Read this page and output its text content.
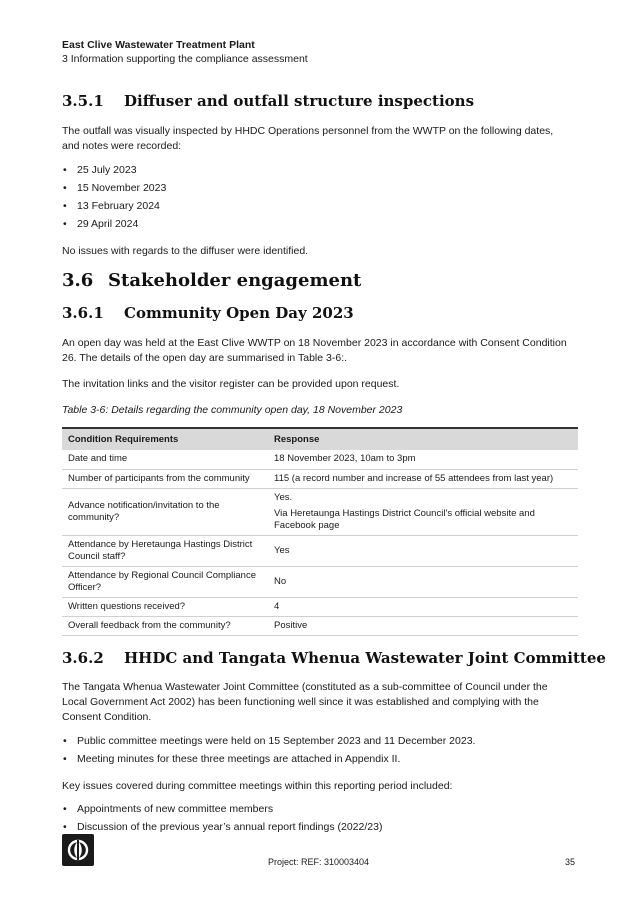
East Clive Wastewater Treatment Plant
3 Information supporting the compliance assessment
3.5.1 Diffuser and outfall structure inspections
The outfall was visually inspected by HHDC Operations personnel from the WWTP on the following dates, and notes were recorded:
• 25 July 2023
• 15 November 2023
• 13 February 2024
• 29 April 2024
No issues with regards to the diffuser were identified.
3.6 Stakeholder engagement
3.6.1 Community Open Day 2023
An open day was held at the East Clive WWTP on 18 November 2023 in accordance with Consent Condition 26. The details of the open day are summarised in Table 3-6:.
The invitation links and the visitor register can be provided upon request.
Table 3-6: Details regarding the community open day, 18 November 2023
Condition Requirements	Response
Date and time	18 November 2023, 10am to 3pm
Number of participants from the community	115 (a record number and increase of 55 attendees from last year)
Advance notification/invitation to the community?	Yes.
Via Heretaunga Hastings District Council’s official website and Facebook page

Attendance by Heretaunga Hastings District Council staff?	Yes
Attendance by Regional Council Compliance Officer?	No
Written questions received?	4
Overall feedback from the community?	Positive
3.6.2 HHDC and Tangata Whenua Wastewater Joint Committee
The Tangata Whenua Wastewater Joint Committee (constituted as a sub-committee of Council under the Local Government Act 2002) has been functioning well since it was established and complying with the Consent Condition.
• Public committee meetings were held on 15 September 2023 and 11 December 2023.
• Meeting minutes for these three meetings are attached in Appendix II.
Key issues covered during committee meetings within this reporting period included:
• Appointments of new committee members
• Discussion of the previous year’s annual report findings (2022/23)
Project: REF: 310003404	35
